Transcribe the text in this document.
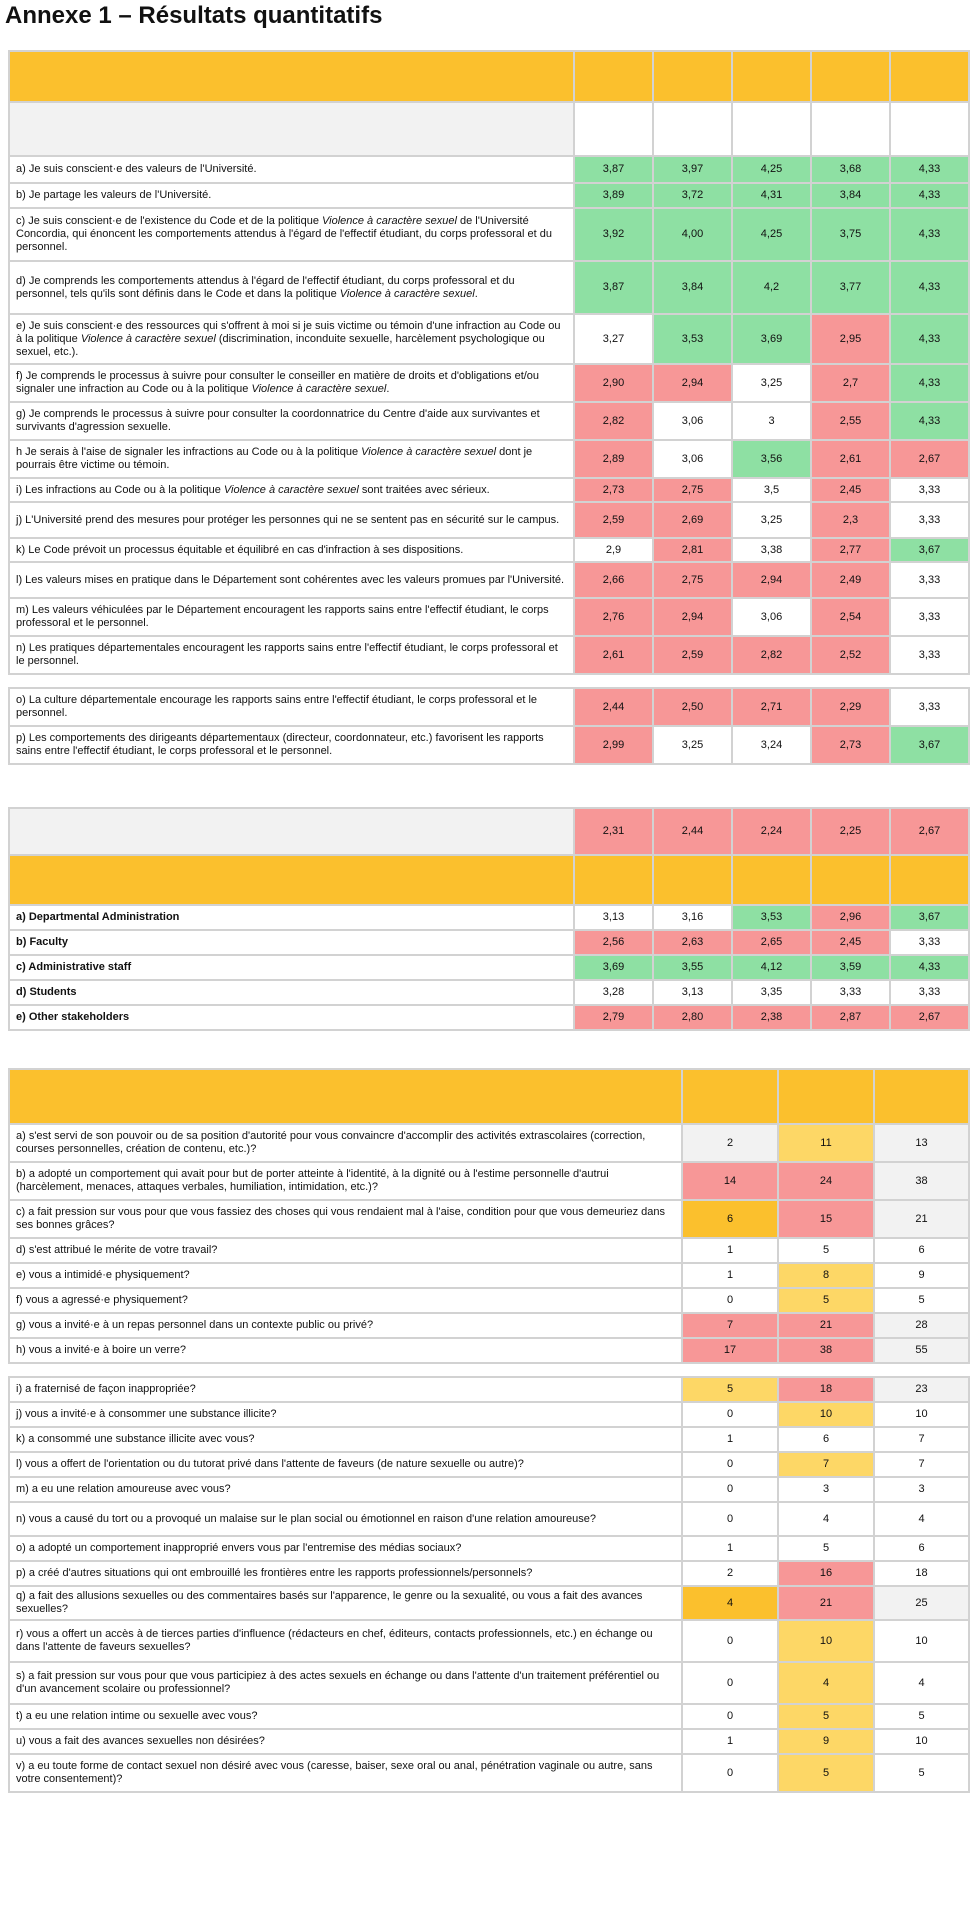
Annexe 1 – Résultats quantitatifs

a) Je suis conscient·e des valeurs de l'Université.	3,87	3,97	4,25	3,68	4,33
b) Je partage les valeurs de l'Université.	3,89	3,72	4,31	3,84	4,33
c) Je suis conscient·e de l'existence du Code et de la politique Violence à caractère sexuel de l'Université Concordia, qui énoncent les comportements attendus à l'égard de l'effectif étudiant, du corps professoral et du personnel.	3,92	4,00	4,25	3,75	4,33
d) Je comprends les comportements attendus à l'égard de l'effectif étudiant, du corps professoral et du personnel, tels qu'ils sont définis dans le Code et dans la politique Violence à caractère sexuel.	3,87	3,84	4,2	3,77	4,33
e) Je suis conscient·e des ressources qui s'offrent à moi si je suis victime ou témoin d'une infraction au Code ou à la politique Violence à caractère sexuel (discrimination, inconduite sexuelle, harcèlement psychologique ou sexuel, etc.).	3,27	3,53	3,69	2,95	4,33
f) Je comprends le processus à suivre pour consulter le conseiller en matière de droits et d'obligations et/ou signaler une infraction au Code ou à la politique Violence à caractère sexuel.	2,90	2,94	3,25	2,7	4,33
g) Je comprends le processus à suivre pour consulter la coordonnatrice du Centre d'aide aux survivantes et survivants d'agression sexuelle.	2,82	3,06	3	2,55	4,33
h Je serais à l'aise de signaler les infractions au Code ou à la politique Violence à caractère sexuel dont je pourrais être victime ou témoin.	2,89	3,06	3,56	2,61	2,67
i) Les infractions au Code ou à la politique Violence à caractère sexuel sont traitées avec sérieux.	2,73	2,75	3,5	2,45	3,33
j) L'Université prend des mesures pour protéger les personnes qui ne se sentent pas en sécurité sur le campus.	2,59	2,69	3,25	2,3	3,33
k) Le Code prévoit un processus équitable et équilibré en cas d'infraction à ses dispositions.	2,9	2,81	3,38	2,77	3,67
l) Les valeurs mises en pratique dans le Département sont cohérentes avec les valeurs promues par l'Université.	2,66	2,75	2,94	2,49	3,33
m) Les valeurs véhiculées par le Département encouragent les rapports sains entre l'effectif étudiant, le corps professoral et le personnel.	2,76	2,94	3,06	2,54	3,33
n) Les pratiques départementales encouragent les rapports sains entre l'effectif étudiant, le corps professoral et le personnel.	2,61	2,59	2,82	2,52	3,33

o) La culture départementale encourage les rapports sains entre l'effectif étudiant, le corps professoral et le personnel.	2,44	2,50	2,71	2,29	3,33
p) Les comportements des dirigeants départementaux (directeur, coordonnateur, etc.) favorisent les rapports sains entre l'effectif étudiant, le corps professoral et le personnel.	2,99	3,25	3,24	2,73	3,67

	2,31	2,44	2,24	2,25	2,67

a) Departmental Administration	3,13	3,16	3,53	2,96	3,67
b) Faculty	2,56	2,63	2,65	2,45	3,33
c) Administrative staff	3,69	3,55	4,12	3,59	4,33
d) Students	3,28	3,13	3,35	3,33	3,33
e) Other stakeholders	2,79	2,80	2,38	2,87	2,67

a) s'est servi de son pouvoir ou de sa position d'autorité pour vous convaincre d'accomplir des activités extrascolaires (correction, courses personnelles, création de contenu, etc.)?	2	11	13
b) a adopté un comportement qui avait pour but de porter atteinte à l'identité, à la dignité ou à l'estime personnelle d'autrui (harcèlement, menaces, attaques verbales, humiliation, intimidation, etc.)?	14	24	38
c) a fait pression sur vous pour que vous fassiez des choses qui vous rendaient mal à l'aise, condition pour que vous demeuriez dans ses bonnes grâces?	6	15	21
d) s'est attribué le mérite de votre travail?	1	5	6
e) vous a intimidé·e physiquement?	1	8	9
f) vous a agressé·e physiquement?	0	5	5
g) vous a invité·e à un repas personnel dans un contexte public ou privé?	7	21	28
h) vous a invité·e à boire un verre?	17	38	55

i) a fraternisé de façon inappropriée?	5	18	23
j) vous a invité·e à consommer une substance illicite?	0	10	10
k) a consommé une substance illicite avec vous?	1	6	7
l) vous a offert de l'orientation ou du tutorat privé dans l'attente de faveurs (de nature sexuelle ou autre)?	0	7	7
m) a eu une relation amoureuse avec vous?	0	3	3
n) vous a causé du tort ou a provoqué un malaise sur le plan social ou émotionnel en raison d'une relation amoureuse?	0	4	4
o) a adopté un comportement inapproprié envers vous par l'entremise des médias sociaux?	1	5	6
p) a créé d'autres situations qui ont embrouillé les frontières entre les rapports professionnels/personnels?	2	16	18
q) a fait des allusions sexuelles ou des commentaires basés sur l'apparence, le genre ou la sexualité, ou vous a fait des avances sexuelles?	4	21	25
r) vous a offert un accès à de tierces parties d'influence (rédacteurs en chef, éditeurs, contacts professionnels, etc.) en échange ou dans l'attente de faveurs sexuelles?	0	10	10
s) a fait pression sur vous pour que vous participiez à des actes sexuels en échange ou dans l'attente d'un traitement préférentiel ou d'un avancement scolaire ou professionnel?	0	4	4
t) a eu une relation intime ou sexuelle avec vous?	0	5	5
u) vous a fait des avances sexuelles non désirées?	1	9	10
v) a eu toute forme de contact sexuel non désiré avec vous (caresse, baiser, sexe oral ou anal, pénétration vaginale ou autre, sans votre consentement)?	0	5	5
